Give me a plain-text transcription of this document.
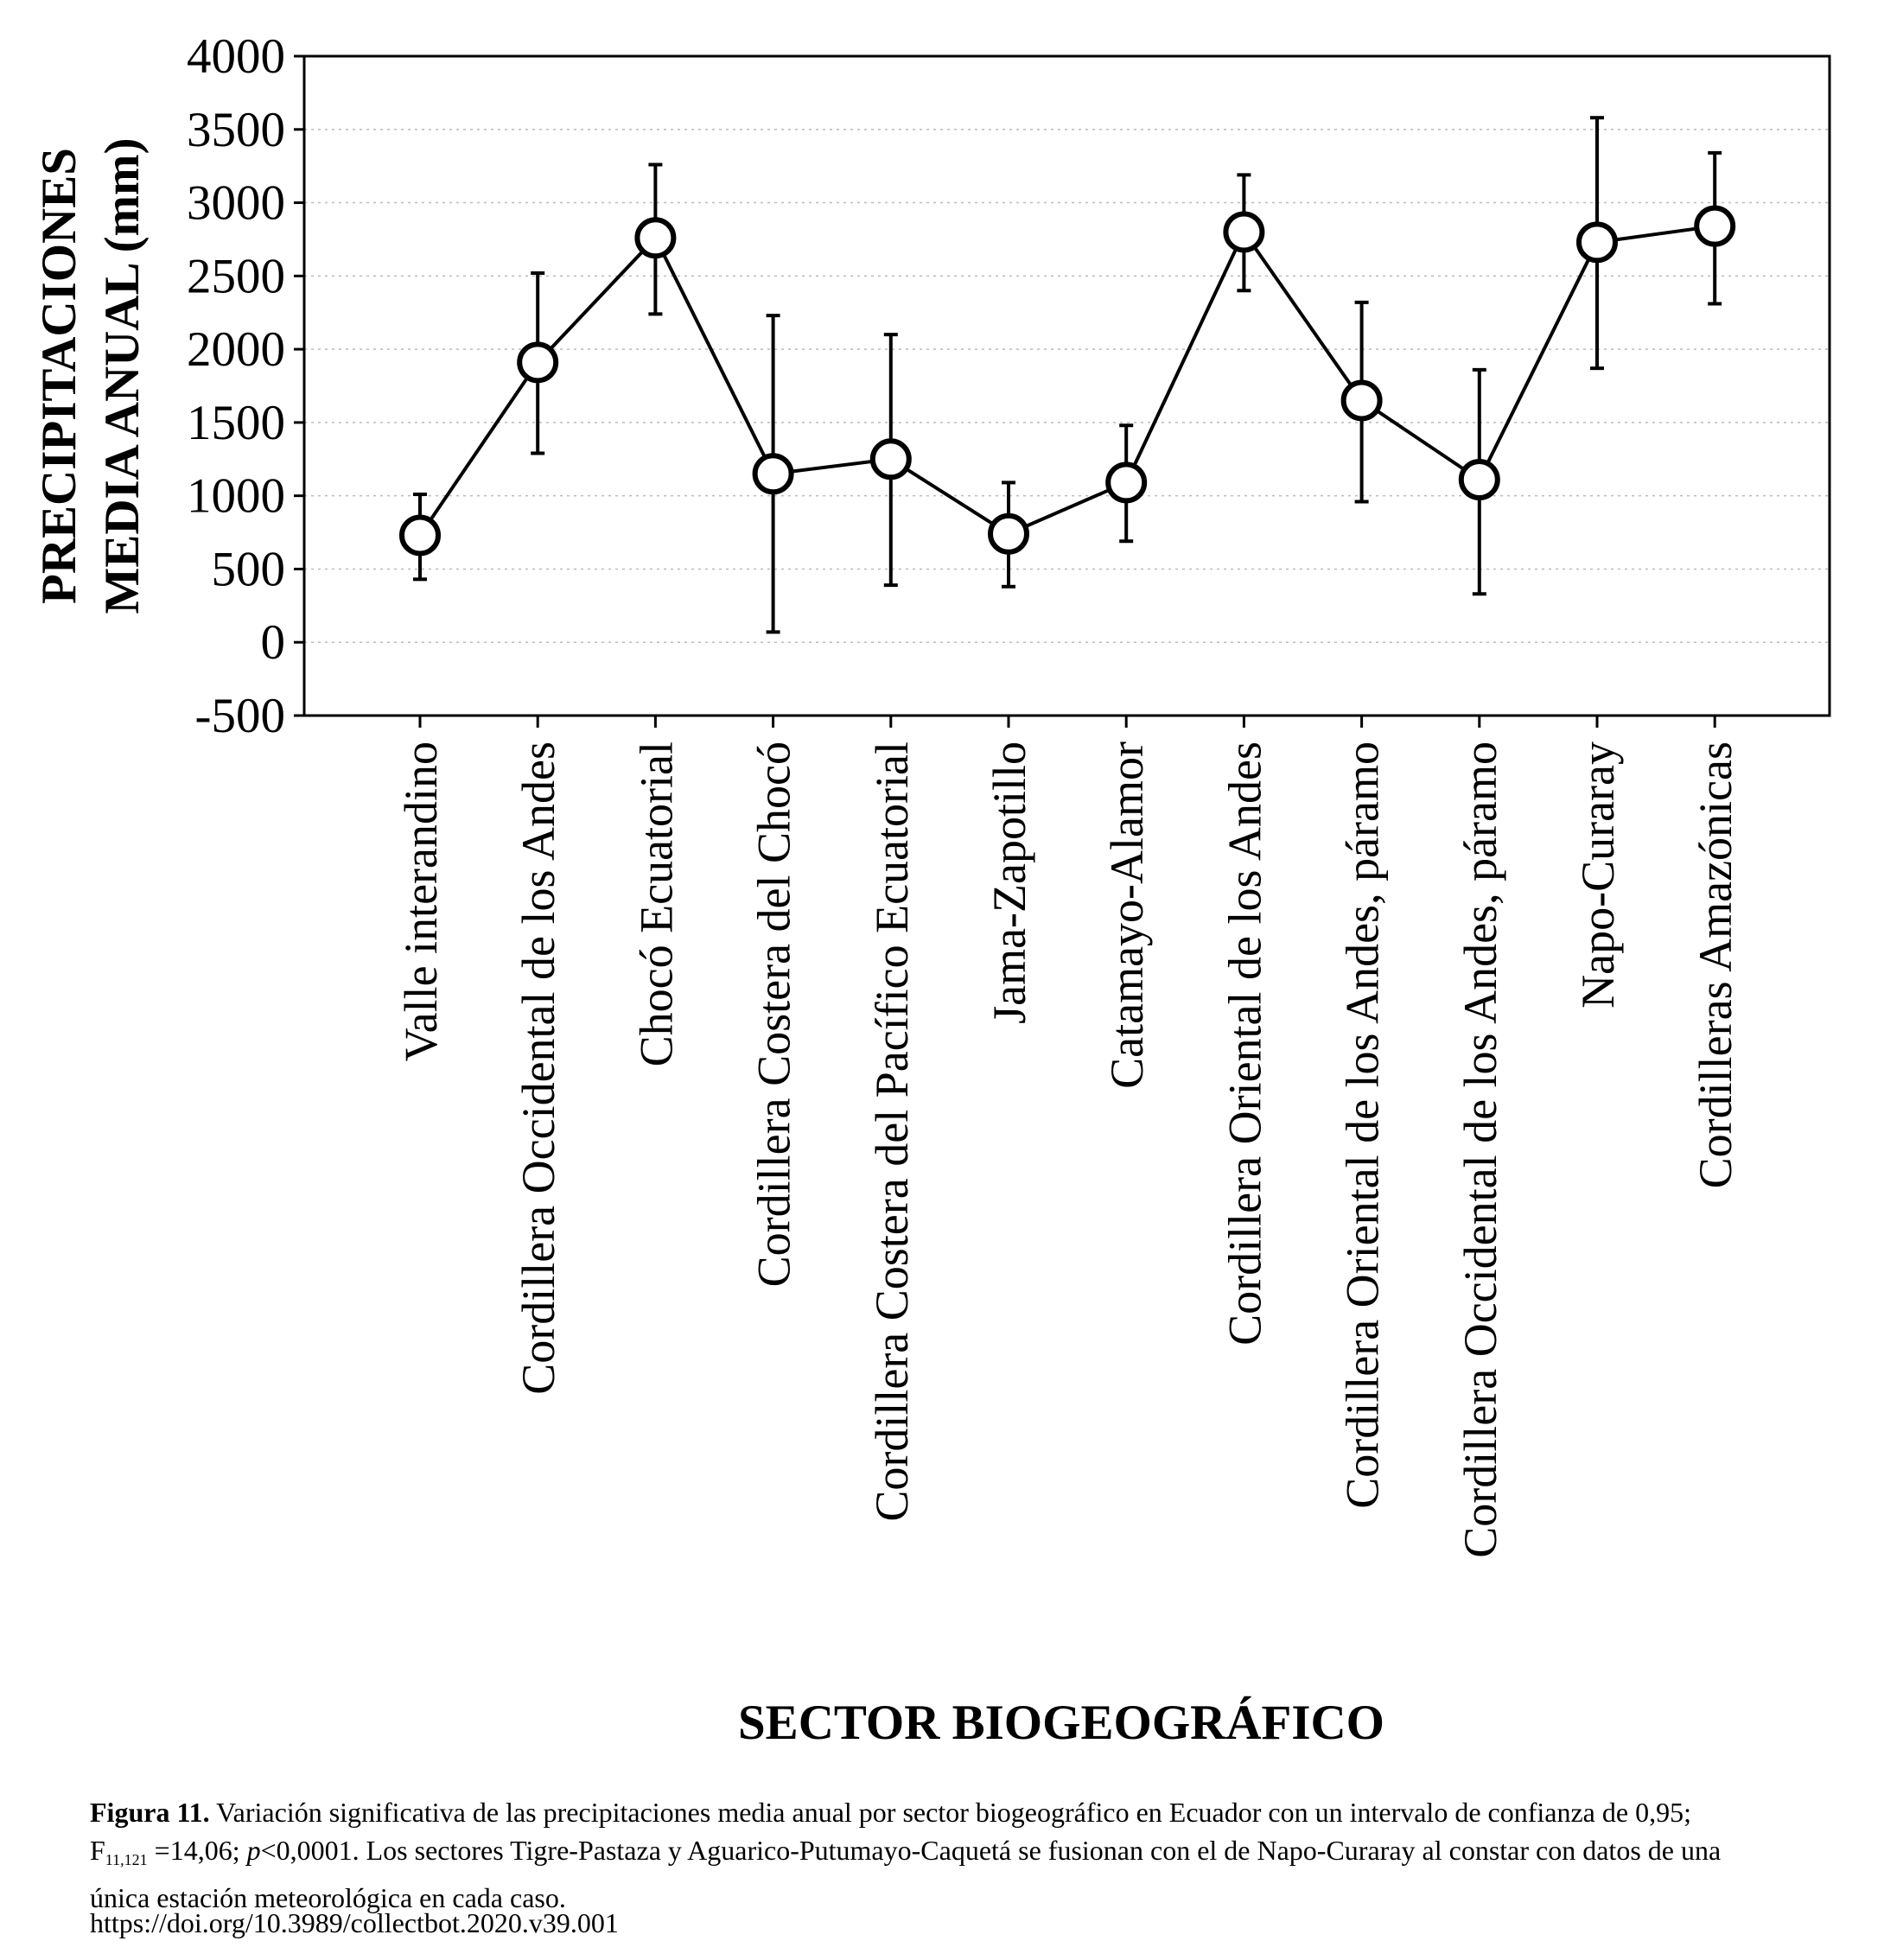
4000
3500
3000
2500
2000
1500
1000
500
0
-500
Valle interandino Cordillera Occidental de los Andes Chocó Ecuatorial Cordillera Costera del Chocó Cordillera Costera del Pacífico Ecuatorial Jama-Zapotillo Catamayo-Alamor Cordillera Oriental de los Andes Cordillera Oriental de los Andes, páramo Cordillera Occidental de los Andes, páramo Napo-Curaray Cordilleras Amazónicas
PRECIPITACIONES MEDIA ANUAL (mm)
SECTOR BIOGEOGRÁFICO
Figura 11. Variación significativa de las precipitaciones media anual por sector biogeográfico en Ecuador con un intervalo de confianza de 0,95; $F_{11,121} =14,06$; p<0,0001. Los sectores Tigre-Pastaza y Aguarico-Putumayo-Caquetá se fusionan con el de Napo-Curaray al constar con datos de una única estación meteorológica en cada caso.
https://doi.org/10.3989/collectbot.2020.v39.001
